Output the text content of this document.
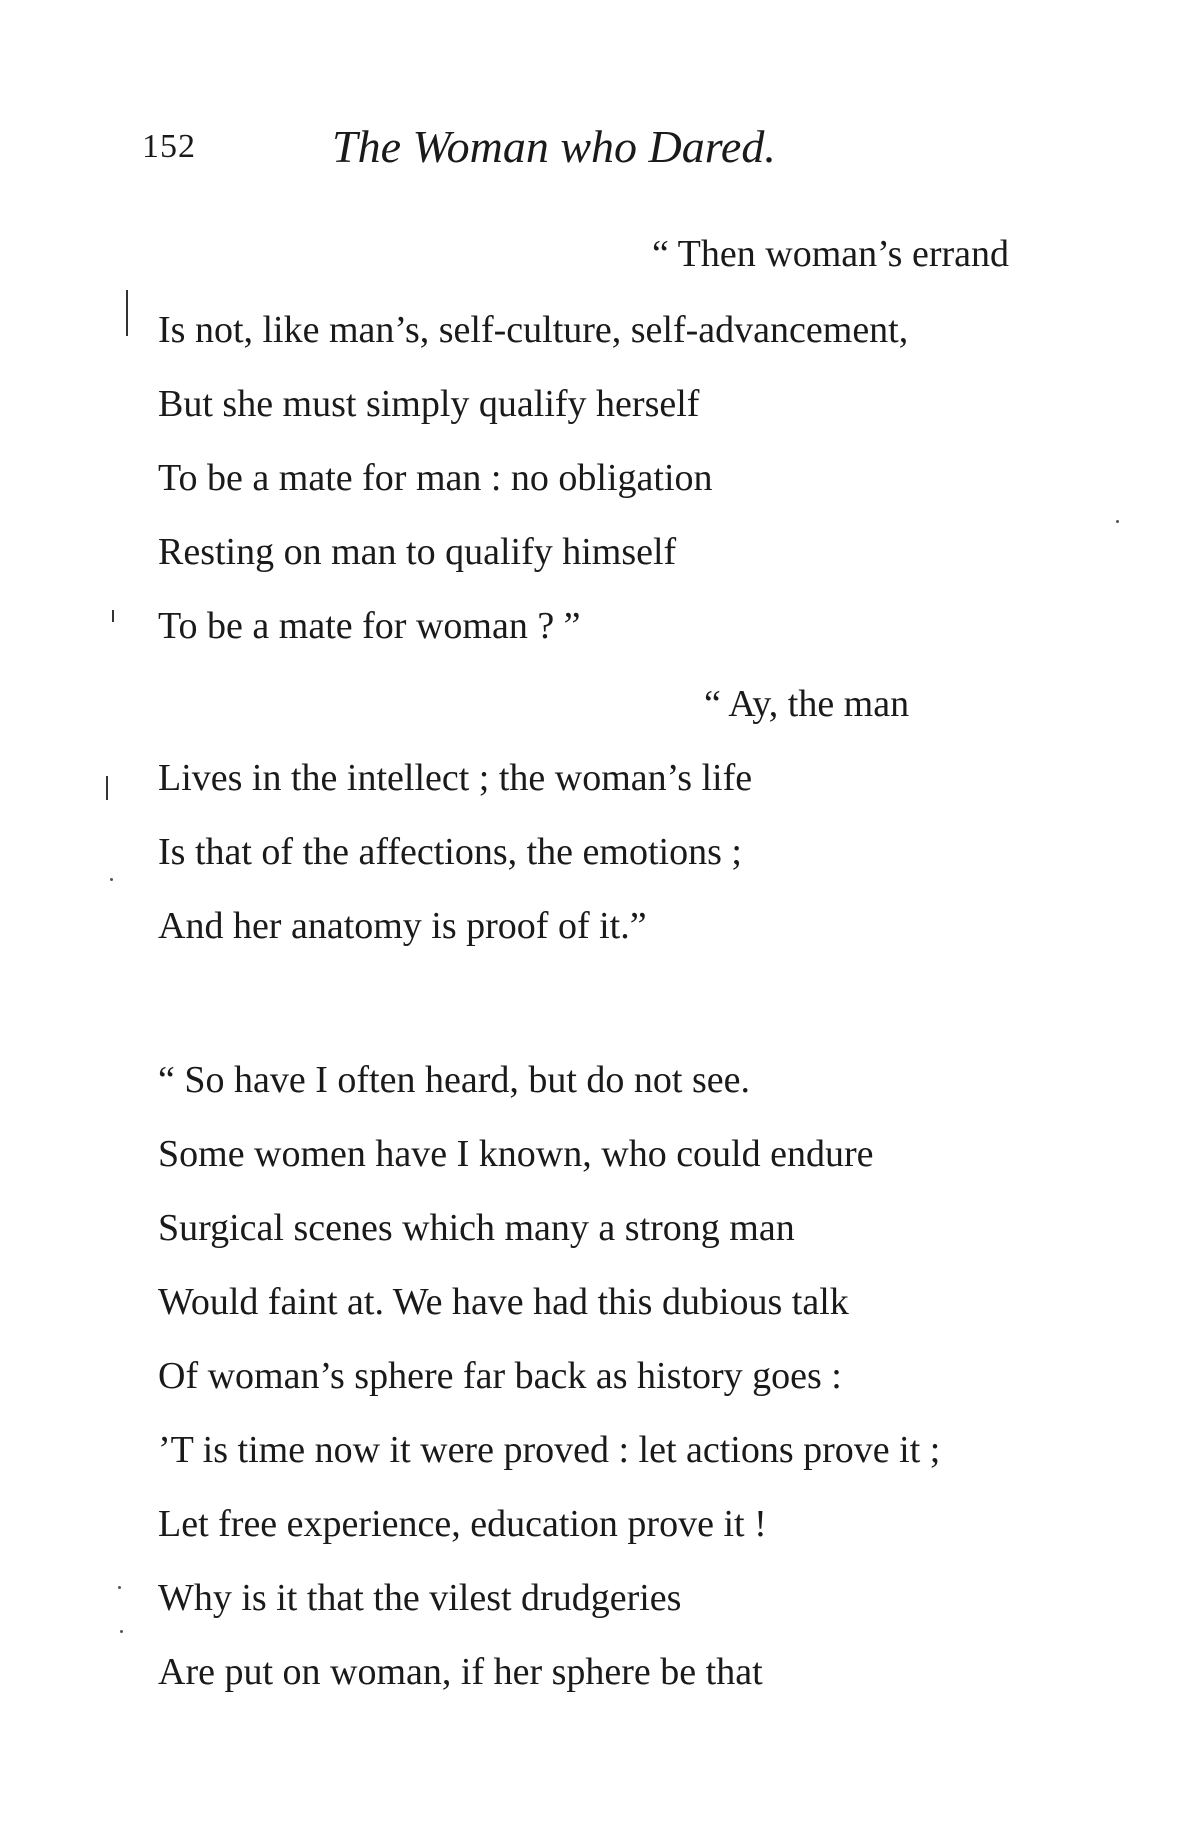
152	The Woman who Dared.
“ Then woman’s errand
Is not, like man’s, self-culture, self-advancement,
But she must simply qualify herself
To be a mate for man : no obligation
Resting on man to qualify himself
To be a mate for woman ? ”
“ Ay, the man
Lives in the intellect ; the woman’s life
Is that of the affections, the emotions ;
And her anatomy is proof of it.”
“ So have I often heard, but do not see.
Some women have I known, who could endure
Surgical scenes which many a strong man
Would faint at. We have had this dubious talk
Of woman’s sphere far back as history goes :
’T is time now it were proved : let actions prove it ;
Let free experience, education prove it !
Why is it that the vilest drudgeries
Are put on woman, if her sphere be that
